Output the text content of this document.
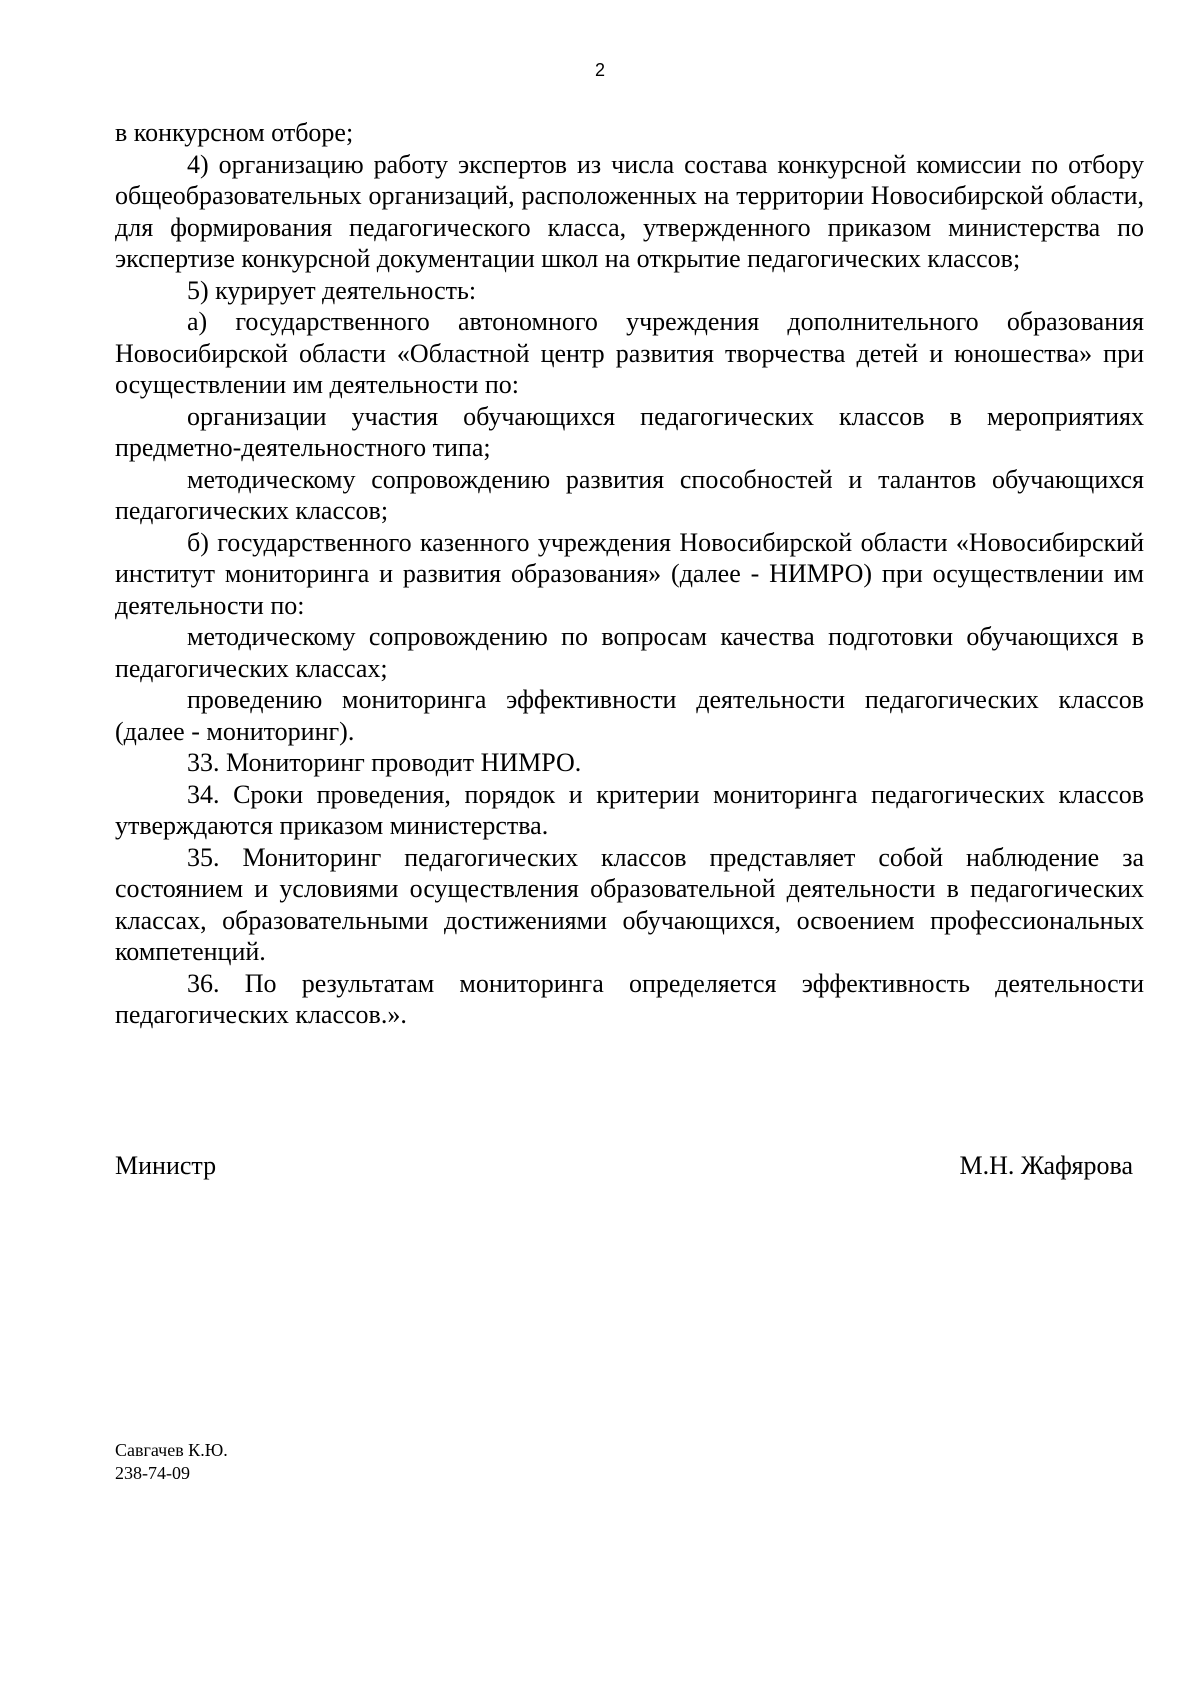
2

в конкурсном отборе;

4) организацию работу экспертов из числа состава конкурсной комиссии по отбору общеобразовательных организаций, расположенных на территории Новосибирской области, для формирования педагогического класса, утвержденного приказом министерства по экспертизе конкурсной документации школ на открытие педагогических классов;

5) курирует деятельность:

а) государственного автономного учреждения дополнительного образования Новосибирской области «Областной центр развития творчества детей и юношества» при осуществлении им деятельности по:

организации участия обучающихся педагогических классов в мероприятиях предметно-деятельностного типа;

методическому сопровождению развития способностей и талантов обучающихся педагогических классов;

б) государственного казенного учреждения Новосибирской области «Новосибирский институт мониторинга и развития образования» (далее - НИМРО) при осуществлении им деятельности по:

методическому сопровождению по вопросам качества подготовки обучающихся в педагогических классах;

проведению мониторинга эффективности деятельности педагогических классов (далее - мониторинг).

33. Мониторинг проводит НИМРО.

34. Сроки проведения, порядок и критерии мониторинга педагогических классов утверждаются приказом министерства.

35. Мониторинг педагогических классов представляет собой наблюдение за состоянием и условиями осуществления образовательной деятельности в педагогических классах, образовательными достижениями обучающихся, освоением профессиональных компетенций.

36. По результатам мониторинга определяется эффективность деятельности педагогических классов.».

Министр	М.Н. Жафярова
Савгачев К.Ю.
238-74-09
